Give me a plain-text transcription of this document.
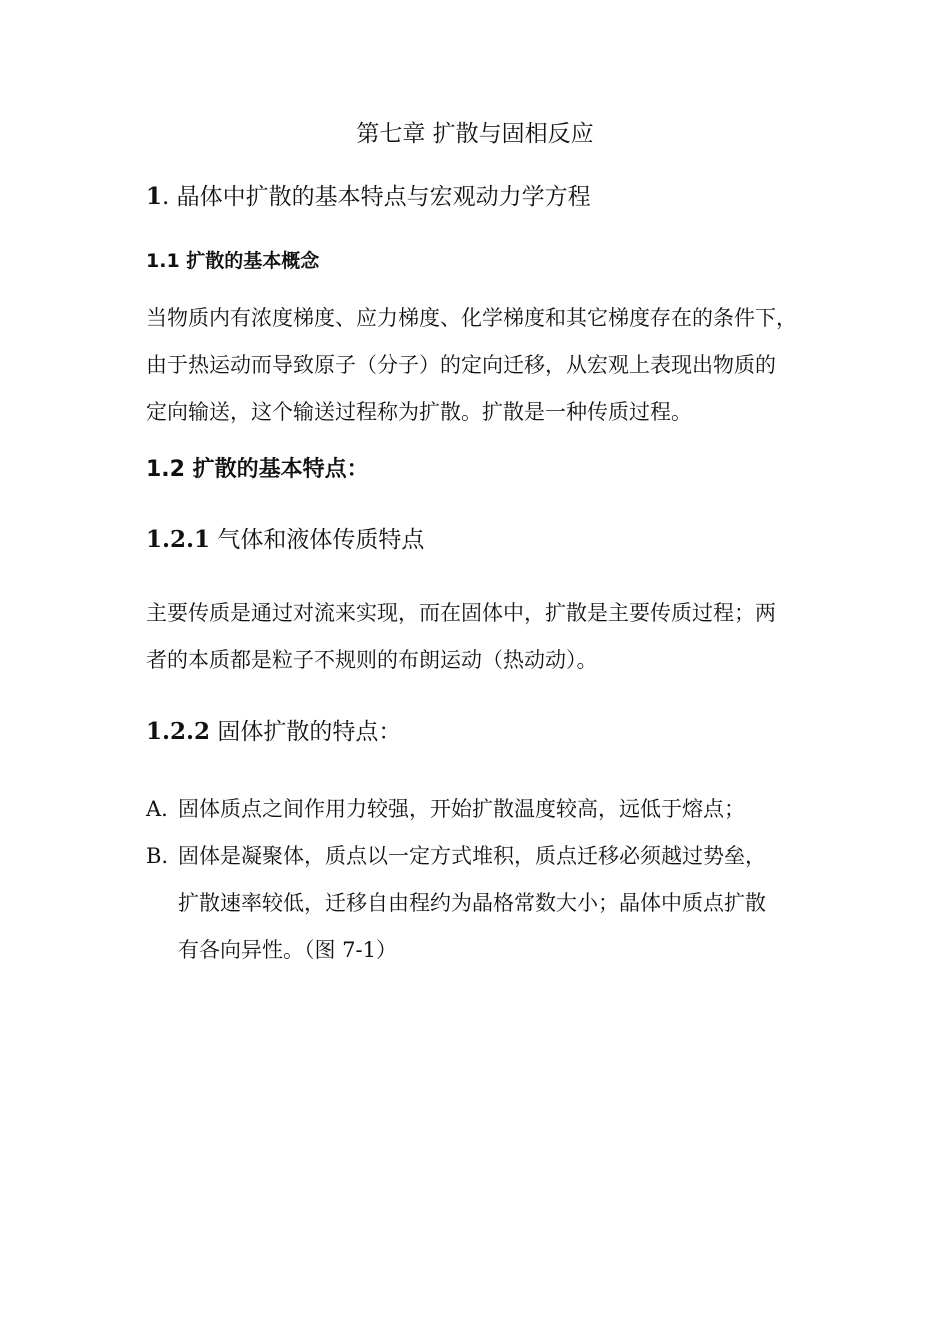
第七章 扩散与固相反应
1. 晶体中扩散的基本特点与宏观动力学方程
1.1 扩散的基本概念

当物质内有浓度梯度、应力梯度、化学梯度和其它梯度存在的条件下，
由于热运动而导致原子（分子）的定向迁移，从宏观上表现出物质的
定向输送，这个输送过程称为扩散。扩散是一种传质过程。

1.2 扩散的基本特点：
1.2.1 气体和液体传质特点

主要传质是通过对流来实现，而在固体中，扩散是主要传质过程；两
者的本质都是粒子不规则的布朗运动（热动动）。

1.2.2 固体扩散的特点：
A. 固体质点之间作用力较强，开始扩散温度较高，远低于熔点；
B. 固体是凝聚体，质点以一定方式堆积，质点迁移必须越过势垒，
扩散速率较低，迁移自由程约为晶格常数大小；晶体中质点扩散
有各向异性。（图 7-1）
